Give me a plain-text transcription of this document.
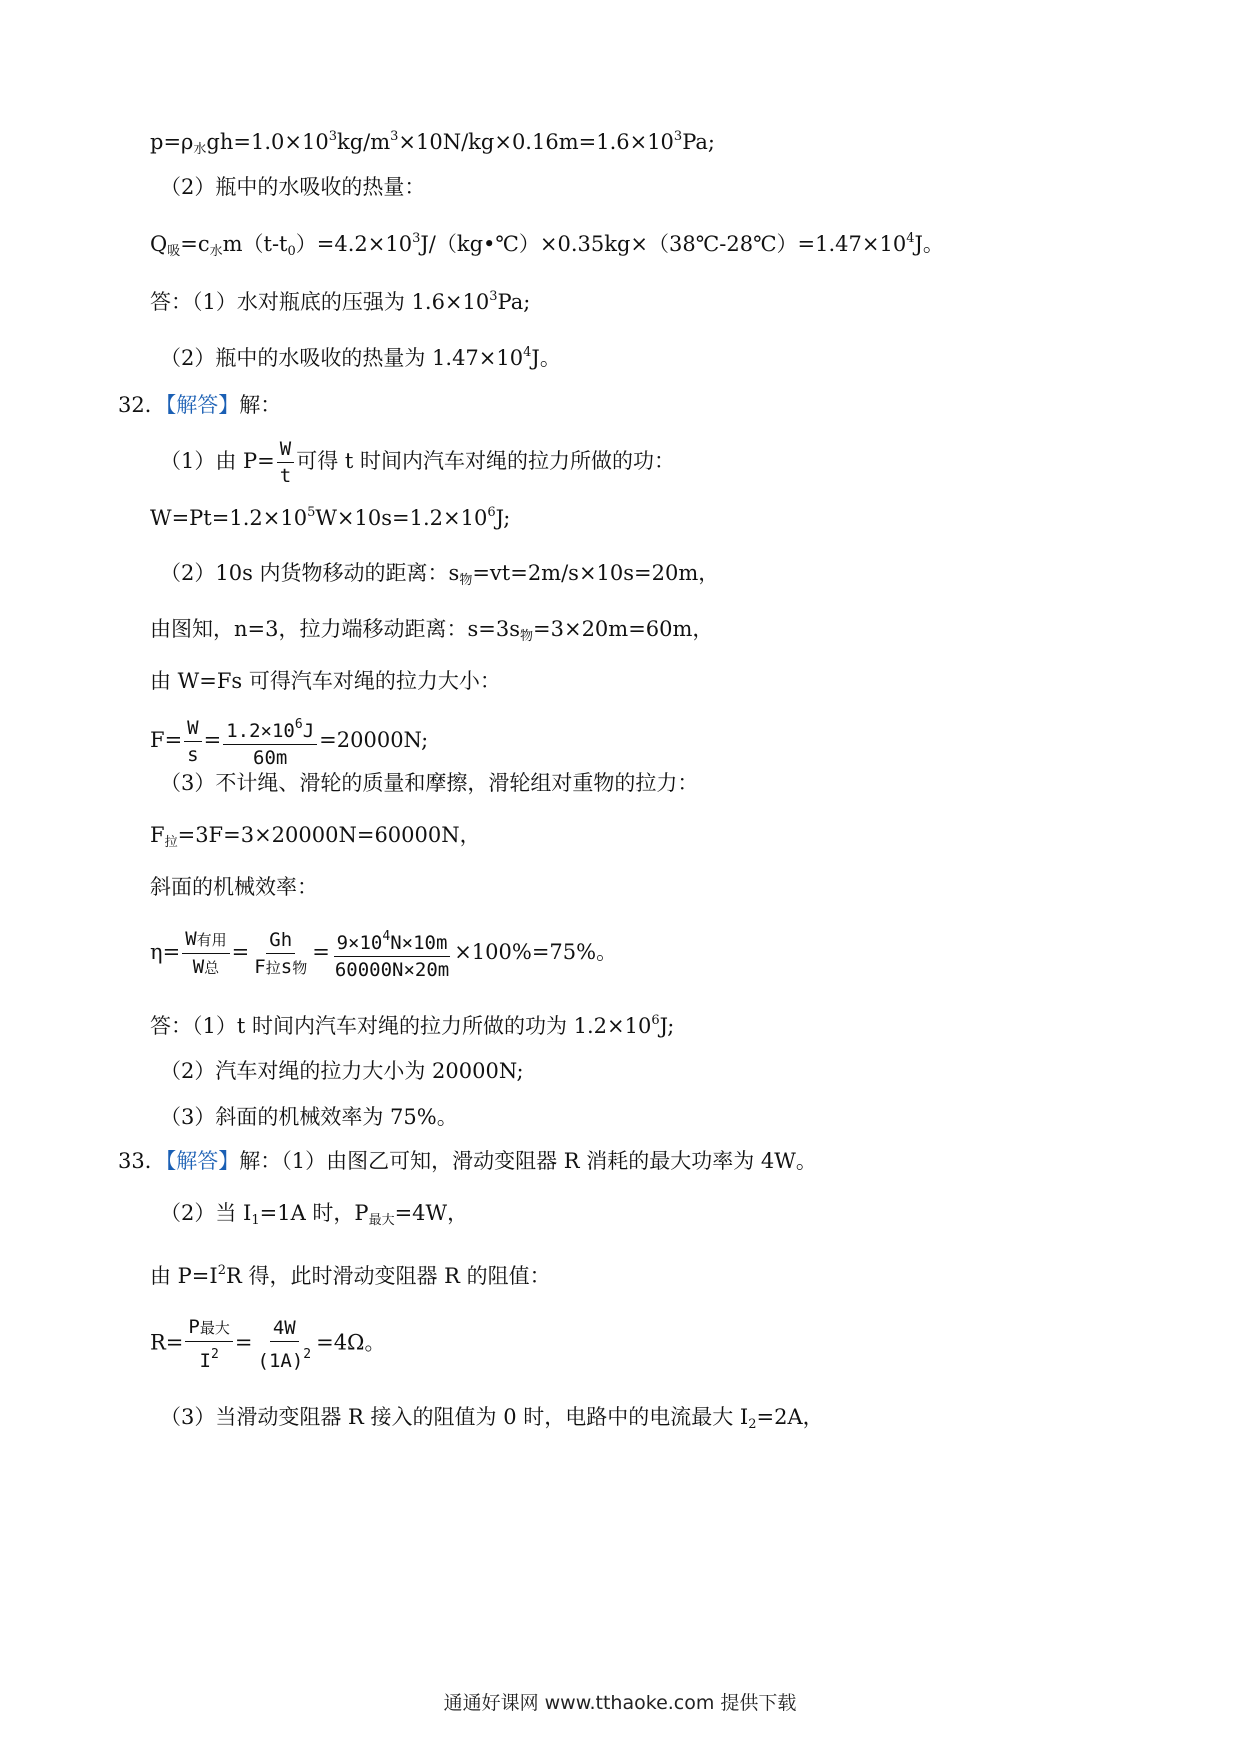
$p=\rho_水gh=1.0\times 10^3kg/m^3\times 10N/kg\times 0.16m=1.6\times 10^3Pa$;
（2）瓶中的水吸收的热量：
$Q_吸=c_水m(t-t_0)=4.2\times 10^3J/(kg•℃)\times 0.35kg\times(38℃-28℃)=1.47\times 10^4J$。
答：（1）水对瓶底的压强为 $1.6\times 10^3Pa$;
（2）瓶中的水吸收的热量为 $1.47\times 10^4J$。
32．【解答】解：
（1）由 $P= \frac{W}{t}$ 可得 t 时间内汽车对绳的拉力所做的功：
$W=Pt=1.2\times 10^5W\times 10s=1.2\times 10^6J$;
（2）10s 内货物移动的距离：$s_物=vt=2m/s\times 10s=20m$，
由图知，n=3，拉力端移动距离：$s=3s_物=3\times 20m=60m$，
由 W=Fs 可得汽车对绳的拉力大小：
$F= \frac{W}{s} = \frac{1.2\times 10^6J}{60m} =20000N$;
（3）不计绳、滑轮的质量和摩擦，滑轮组对重物的拉力：
$F_拉=3F=3\times 20000N=60000N$，
斜面的机械效率：
$\eta= \frac{\text{W有用}}{\text{W总}} = \frac{Gh}{\text{F拉s物}} = \frac{9\times 10^4N\times 10m}{60000N\times 20m} \times 100\%=75\%$。
答：（1）t 时间内汽车对绳的拉力所做的功为 $1.2\times 10^6J$;
（2）汽车对绳的拉力大小为 20000N;
（3）斜面的机械效率为 75%。
33．【解答】解：（1）由图乙可知，滑动变阻器 R 消耗的最大功率为 4W。
（2）当 $I_1=1A$ 时，$P_{最大}=4W$，
由 $P=I^2R$ 得，此时滑动变阻器 R 的阻值：
$R= \frac{\text{P最大}}{I^2} = \frac{4W}{(1A)^2} =4\Omega$。
（3）当滑动变阻器 R 接入的阻值为 0 时，电路中的电流最大 $I_2=2A$，
通通好课网 www.tthaoke.com 提供下载
